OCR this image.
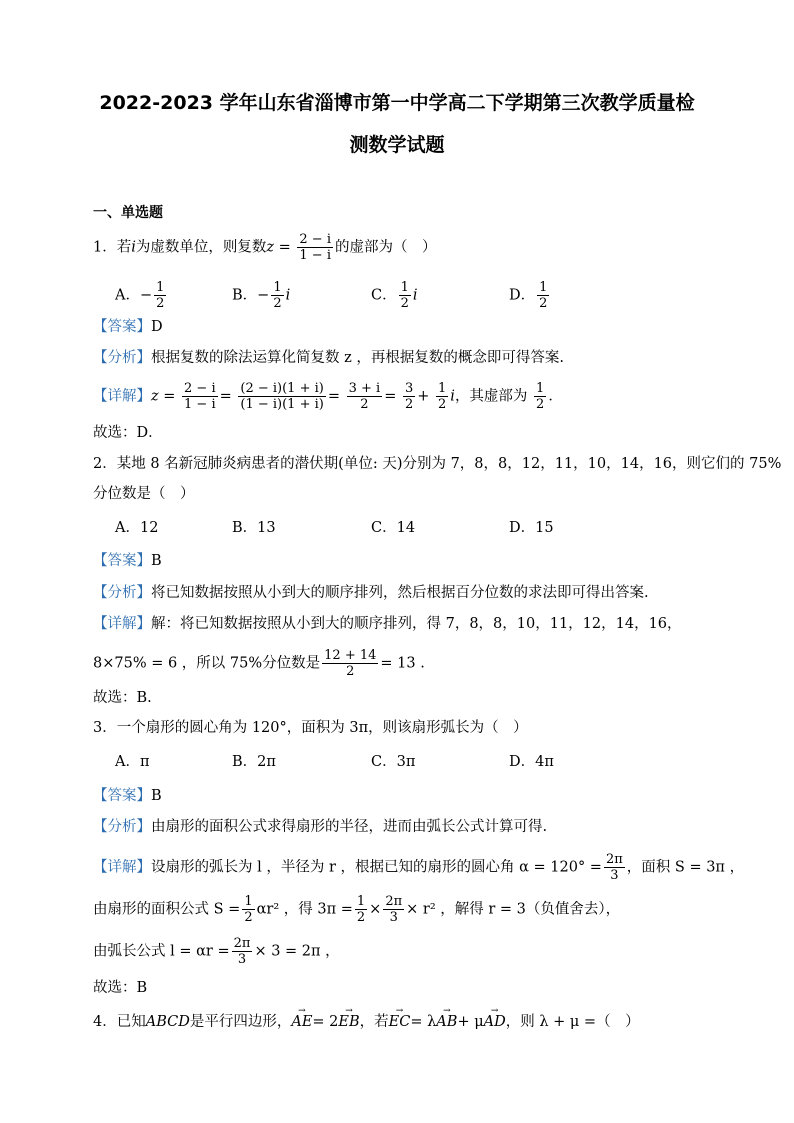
2022-2023 学年山东省淄博市第一中学高二下学期第三次教学质量检
测数学试题
一、单选题
1．若i为虚数单位，则复数$z = \frac{2 - i}{1 - i}$ 的虚部为（　）
A．− $\frac{1}{2}$	B．− $\frac{1}{2}$ i	C． $\frac{1}{2}$ i	D． $\frac{1}{2}$
【答案】D
【分析】根据复数的除法运算化简复数 z ，再根据复数的概念即可得答案.
【详解】$z = \frac{2 - i}{1 - i} = \frac{(2 - i)(1 + i)}{(1 - i)(1 + i)} = \frac{3 + i}{2} = \frac{3}{2} + \frac{1}{2}$ i，其虚部为 $\frac{1}{2}$ ．
故选：D．
2．某地 8 名新冠肺炎病患者的潜伏期(单位: 天)分别为 7，8，8，12，11，10，14，16，则它们的 75%
分位数是（　）
A．12	B．13	C．14	D．15
【答案】B
【分析】将已知数据按照从小到大的顺序排列，然后根据百分位数的求法即可得出答案.
【详解】解：将已知数据按照从小到大的顺序排列，得 7，8，8，10，11，12，14，16，
8×75% = 6 ，所以 75%分位数是 $\frac{12 + 14}{2} = 13$ .
故选：B.
3．一个扇形的圆心角为 120°，面积为 3π，则该扇形弧长为（　）
A．π	B．2π	C．3π	D．4π
【答案】B
【分析】由扇形的面积公式求得扇形的半径，进而由弧长公式计算可得.
【详解】设扇形的弧长为 l ，半径为 r ，根据已知的扇形的圆心角 $\alpha = 120^\circ = \frac{2\pi}{3}$ ，面积 S = 3π ，
由扇形的面积公式 $S = \frac{1}{2} \alpha r^2$ ，得 $3\pi = \frac{1}{2} \times \frac{2\pi}{3} \times r^2$ ，解得 r = 3（负值舍去），
由弧长公式 $l = \alpha r = \frac{2\pi}{3} \times 3 = 2\pi$ ，
故选：B
4．已知ABCD是平行四边形，→ AE= 2→ EB，若→ EC= λ→ AB+ μ→ AD，则 λ + μ =（　）
